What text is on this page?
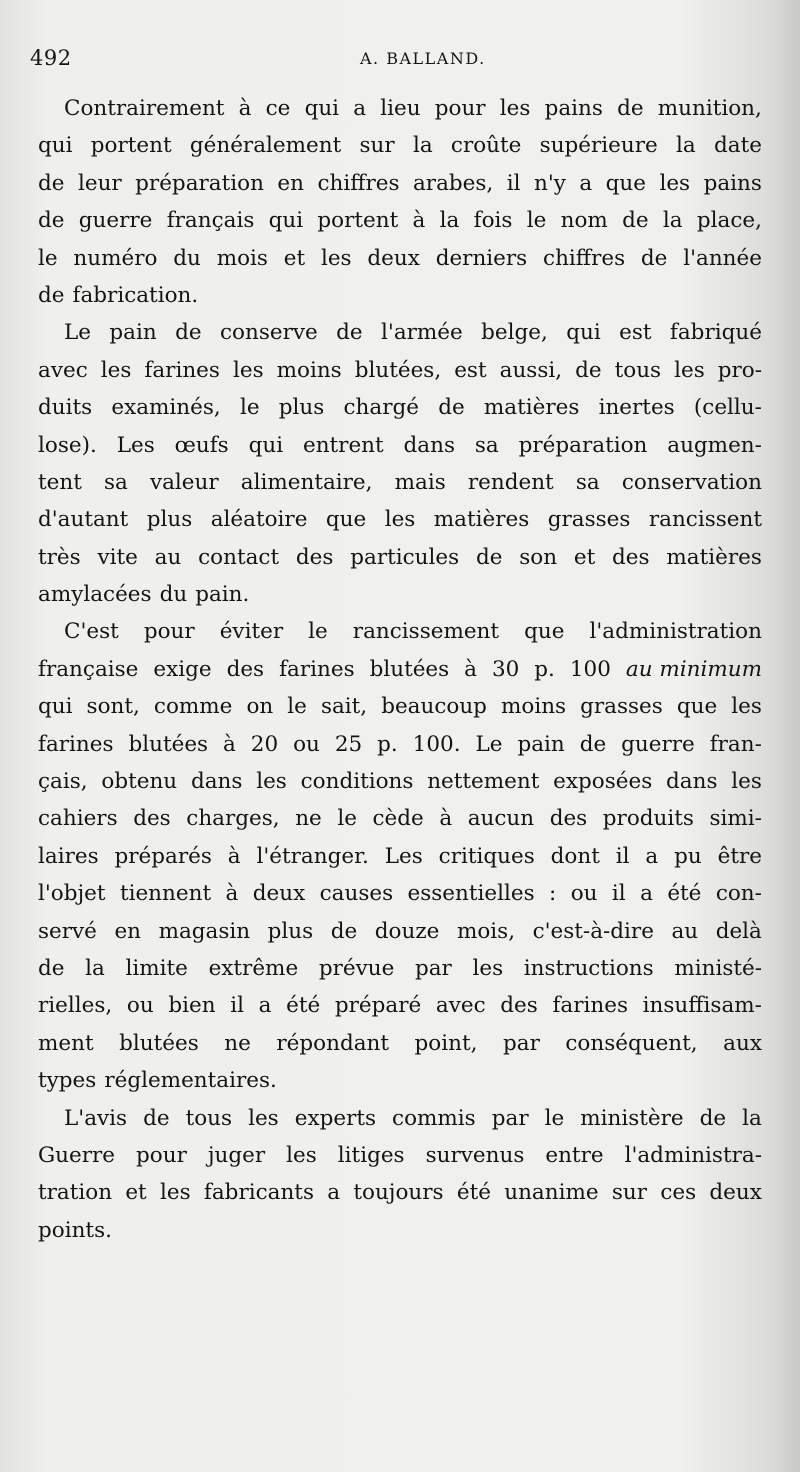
492	A. BALLAND.
Contrairement à ce qui a lieu pour les pains de munition,
qui portent généralement sur la croûte supérieure la date
de leur préparation en chiffres arabes, il n'y a que les pains
de guerre français qui portent à la fois le nom de la place,
le numéro du mois et les deux derniers chiffres de l'année
de fabrication.
Le pain de conserve de l'armée belge, qui est fabriqué
avec les farines les moins blutées, est aussi, de tous les pro-
duits examinés, le plus chargé de matières inertes (cellu-
lose). Les œufs qui entrent dans sa préparation augmen-
tent sa valeur alimentaire, mais rendent sa conservation
d'autant plus aléatoire que les matières grasses rancissent
très vite au contact des particules de son et des matières
amylacées du pain.
C'est pour éviter le rancissement que l'administration
française exige des farines blutées à 30 p. 100 au minimum
qui sont, comme on le sait, beaucoup moins grasses que les
farines blutées à 20 ou 25 p. 100. Le pain de guerre fran-
çais, obtenu dans les conditions nettement exposées dans les
cahiers des charges, ne le cède à aucun des produits simi-
laires préparés à l'étranger. Les critiques dont il a pu être
l'objet tiennent à deux causes essentielles : ou il a été con-
servé en magasin plus de douze mois, c'est-à-dire au delà
de la limite extrême prévue par les instructions ministé-
rielles, ou bien il a été préparé avec des farines insuffisam-
ment blutées ne répondant point, par conséquent, aux
types réglementaires.
L'avis de tous les experts commis par le ministère de la
Guerre pour juger les litiges survenus entre l'administra-
tration et les fabricants a toujours été unanime sur ces deux
points.
